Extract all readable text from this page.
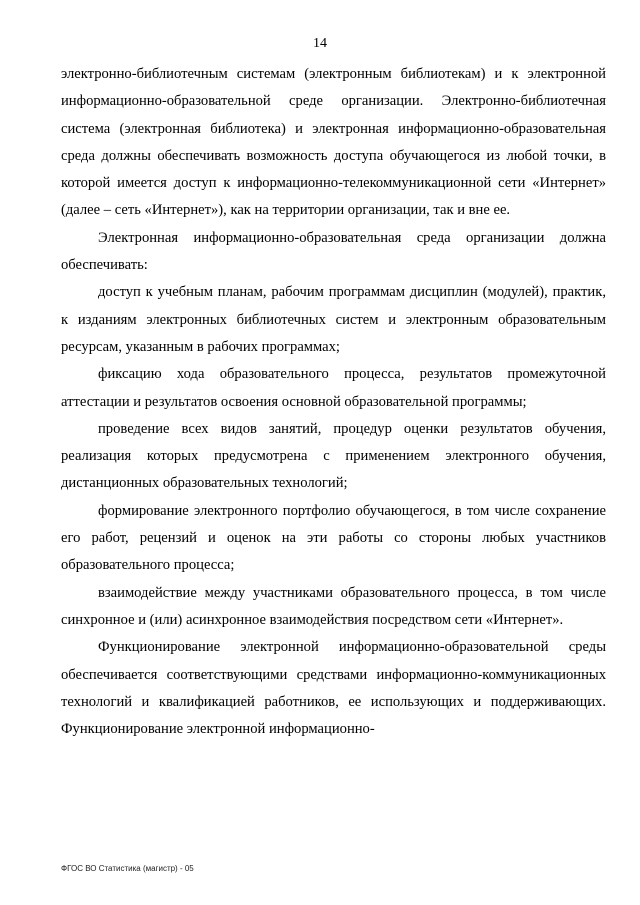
14

электронно-библиотечным системам (электронным библиотекам) и к электронной информационно-образовательной среде организации. Электронно-библиотечная система (электронная библиотека) и электронная информационно-образовательная среда должны обеспечивать возможность доступа обучающегося из любой точки, в которой имеется доступ к информационно-телекоммуникационной сети «Интернет» (далее – сеть «Интернет»), как на территории организации, так и вне ее.

Электронная информационно-образовательная среда организации должна обеспечивать:

доступ к учебным планам, рабочим программам дисциплин (модулей), практик, к изданиям электронных библиотечных систем и электронным образовательным ресурсам, указанным в рабочих программах;

фиксацию хода образовательного процесса, результатов промежуточной аттестации и результатов освоения основной образовательной программы;

проведение всех видов занятий, процедур оценки результатов обучения, реализация которых предусмотрена с применением электронного обучения, дистанционных образовательных технологий;

формирование электронного портфолио обучающегося, в том числе сохранение его работ, рецензий и оценок на эти работы со стороны любых участников образовательного процесса;

взаимодействие между участниками образовательного процесса, в том числе синхронное и (или) асинхронное взаимодействия посредством сети «Интернет».

Функционирование электронной информационно-образовательной среды обеспечивается соответствующими средствами информационно-коммуникационных технологий и квалификацией работников, ее использующих и поддерживающих. Функционирование электронной информационно-

ФГОС ВО Статистика (магистр) - 05
